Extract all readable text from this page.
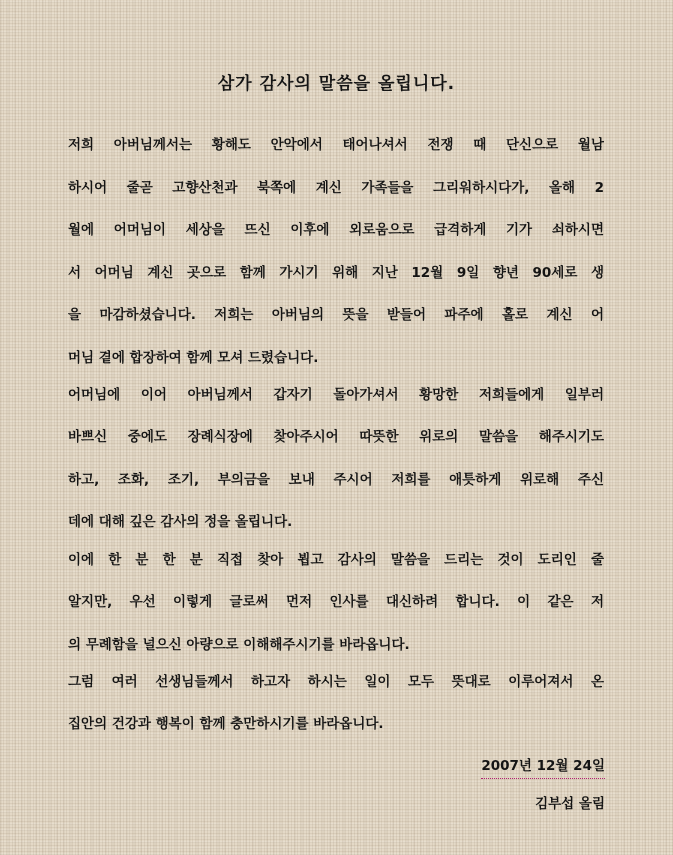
삼가 감사의 말씀을 올립니다.
저희 아버님께서는 황해도 안악에서 태어나셔서 전쟁 때 단신으로 월남
하시어 줄곧 고향산천과 북쪽에 계신 가족들을 그리워하시다가, 올해 2
월에 어머님이 세상을 뜨신 이후에 외로움으로 급격하게 기가 쇠하시면
서 어머님 계신 곳으로 함께 가시기 위해 지난 12월 9일 향년 90세로 생
을 마감하셨습니다. 저희는 아버님의 뜻을 받들어 파주에 홀로 계신 어
머님 곁에 합장하여 함께 모셔 드렸습니다.
어머님에 이어 아버님께서 갑자기 돌아가셔서 황망한 저희들에게 일부러
바쁘신 중에도 장례식장에 찾아주시어 따뜻한 위로의 말씀을 해주시기도
하고, 조화, 조기, 부의금을 보내 주시어 저희를 애틋하게 위로해 주신
데에 대해 깊은 감사의 정을 올립니다.
이에 한 분 한 분 직접 찾아 뵙고 감사의 말씀을 드리는 것이 도리인 줄
알지만, 우선 이렇게 글로써 먼저 인사를 대신하려 합니다. 이 같은 저
의 무례함을 널으신 아량으로 이해해주시기를 바라옵니다.
그럼 여러 선생님들께서 하고자 하시는 일이 모두 뜻대로 이루어져서 온
집안의 건강과 행복이 함께 충만하시기를 바라옵니다.
2007년 12월 24일
김부섭 올림
